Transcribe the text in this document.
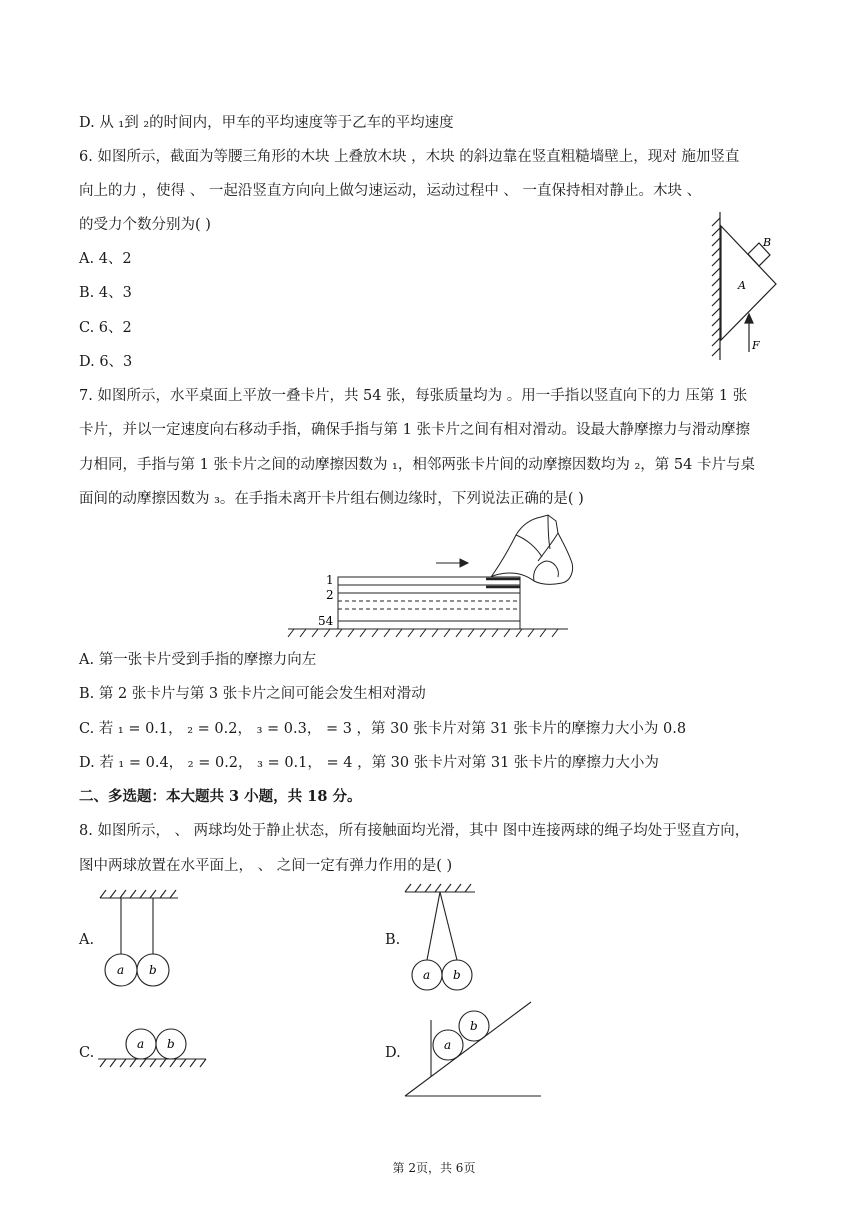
D. 从 ₁到 ₂的时间内，甲车的平均速度等于乙车的平均速度
6. 如图所示，截面为等腰三角形的木块 上叠放木块 ，木块 的斜边靠在竖直粗糙墙壁上，现对 施加竖直
向上的力 ，使得 、 一起沿竖直方向向上做匀速运动，运动过程中 、 一直保持相对静止。木块 、
的受力个数分别为( )
A. 4、2
B. 4、3
C. 6、2
D. 6、3
B
A
F
7. 如图所示，水平桌面上平放一叠卡片，共 54 张，每张质量均为 。用一手指以竖直向下的力 压第 1 张
卡片，并以一定速度向右移动手指，确保手指与第 1 张卡片之间有相对滑动。设最大静摩擦力与滑动摩擦
力相同，手指与第 1 张卡片之间的动摩擦因数为 ₁，相邻两张卡片间的动摩擦因数均为 ₂，第 54 卡片与桌
面间的动摩擦因数为 ₃。在手指未离开卡片组右侧边缘时，下列说法正确的是( )
1
2
54
A. 第一张卡片受到手指的摩擦力向左
B. 第 2 张卡片与第 3 张卡片之间可能会发生相对滑动
C. 若 ₁ = 0.1， ₂ = 0.2， ₃ = 0.3， = 3 ，第 30 张卡片对第 31 张卡片的摩擦力大小为 0.8
D. 若 ₁ = 0.4， ₂ = 0.2， ₃ = 0.1， = 4 ，第 30 张卡片对第 31 张卡片的摩擦力大小为
二、多选题：本大题共 3 小题，共 18 分。
8. 如图所示， 、 两球均处于静止状态，所有接触面均光滑，其中 图中连接两球的绳子均处于竖直方向，
图中两球放置在水平面上， 、 之间一定有弹力作用的是( )
A.
a b
B.
a b
C.
a b
D.	a
b
第 2页，共 6页
